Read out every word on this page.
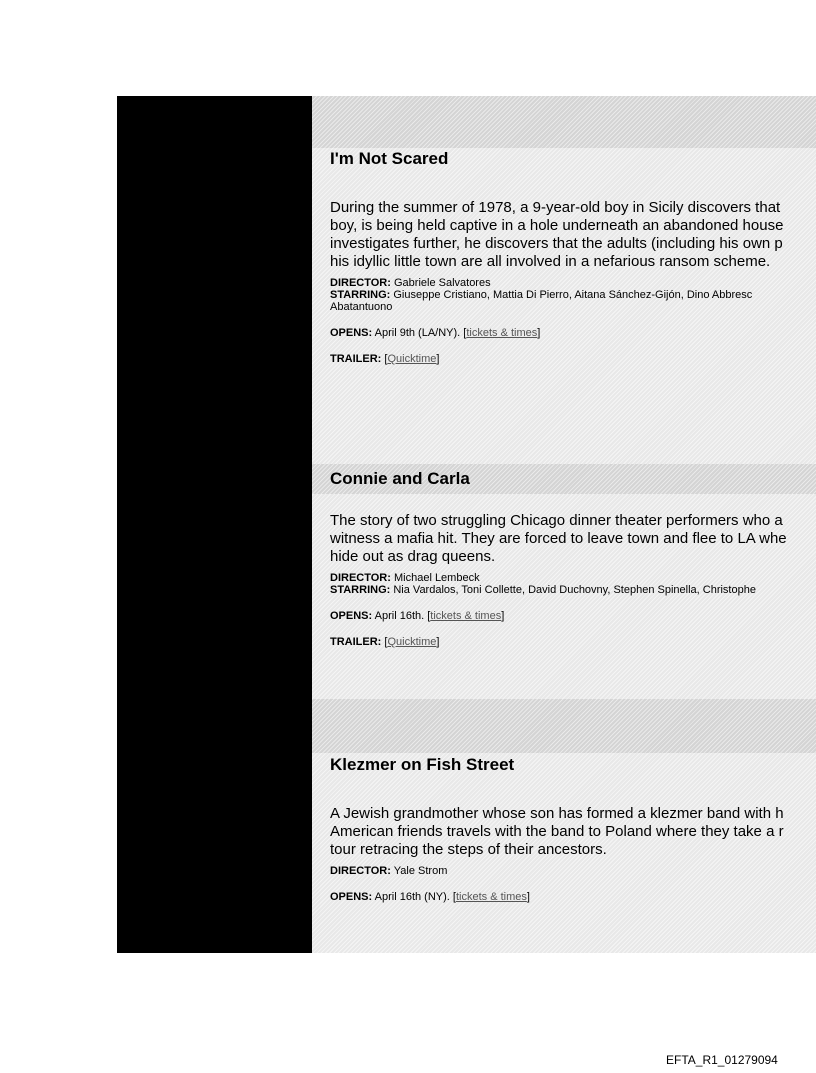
I'm Not Scared
During the summer of 1978, a 9-year-old boy in Sicily discovers that
boy, is being held captive in a hole underneath an abandoned house
investigates further, he discovers that the adults (including his own p
his idyllic little town are all involved in a nefarious ransom scheme.
DIRECTOR: Gabriele Salvatores
STARRING: Giuseppe Cristiano, Mattia Di Pierro, Aitana Sánchez-Gijón, Dino Abbresc
Abatantuono
OPENS: April 9th (LA/NY). [tickets & times]
TRAILER: [Quicktime]
Connie and Carla
The story of two struggling Chicago dinner theater performers who a
witness a mafia hit. They are forced to leave town and flee to LA whe
hide out as drag queens.
DIRECTOR: Michael Lembeck
STARRING: Nia Vardalos, Toni Collette, David Duchovny, Stephen Spinella, Christophe
OPENS: April 16th. [tickets & times]
TRAILER: [Quicktime]
Klezmer on Fish Street
A Jewish grandmother whose son has formed a klezmer band with h
American friends travels with the band to Poland where they take a r
tour retracing the steps of their ancestors.
DIRECTOR: Yale Strom
OPENS: April 16th (NY). [tickets & times]
EFTA_R1_01279094
